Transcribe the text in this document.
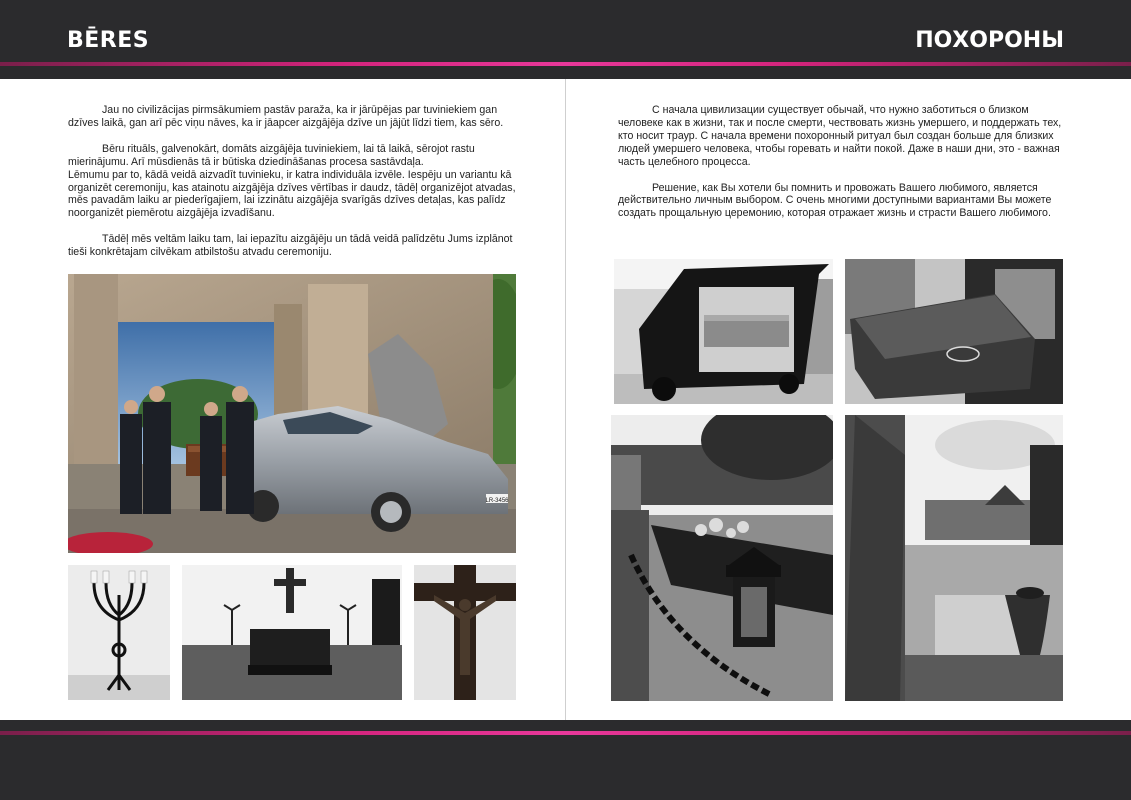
BĒRES	ПОХОРОНЫ

Jau no civilizācijas pirmsākumiem pastāv paraža, ka ir jārūpējas par tuviniekiem gan dzīves laikā, gan arī pēc viņu nāves, ka ir jāapcer aizgājēja dzīve un jājūt līdzi tiem, kas sēro.

Bēru rituāls, galvenokārt, domāts aizgājēja tuviniekiem, lai tā laikā, sērojot rastu mierinājumu. Arī mūsdienās tā ir būtiska dziedināšanas procesa sastāvdaļa.

Lēmumu par to, kādā veidā aizvadīt tuvinieku, ir katra individuāla izvēle. Iespēju un variantu kā organizēt ceremoniju, kas atainotu aizgājēja dzīves vērtības ir daudz, tādēļ organizējot atvadas, mēs pavadām laiku ar piederīgajiem, lai izzinātu aizgājēja svarīgās dzīves detaļas, kas palīdz noorganizēt piemērotu aizgājēja izvadīšanu.

Tādēļ mēs veltām laiku tam, lai iepazītu aizgājēju un tādā veidā palīdzētu Jums izplānot tieši konkrētajam cilvēkam atbilstošu atvadu ceremoniju.

LR-3456

С начала цивилизации существует обычай, что нужно заботиться о близком человеке как в жизни, так и после смерти, чествовать жизнь умершего, и поддержать тех, кто носит траур. С начала времени похоронный ритуал был создан больше для близких людей умершего человека, чтобы горевать и найти покой. Даже в наши дни, это - важная часть целебного процесса.

Решение, как Вы хотели бы помнить и провожать Вашего любимого, является действительно личным выбором. С очень многими доступными вариантами Вы можете создать прощальную церемонию, которая отражает жизнь и страсти Вашего любимого.
